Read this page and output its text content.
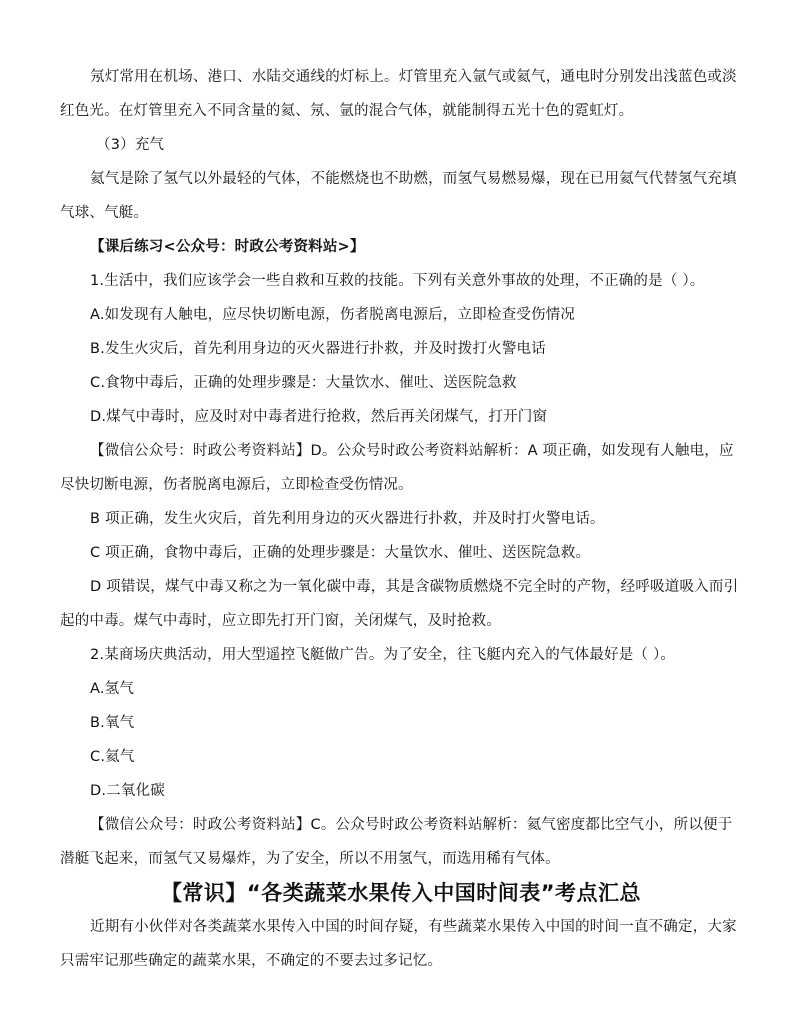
氖灯常用在机场、港口、水陆交通线的灯标上。灯管里充入氩气或氦气，通电时分别发出浅蓝色或淡红色光。在灯管里充入不同含量的氦、氖、氩的混合气体，就能制得五光十色的霓虹灯。

（3）充气

氦气是除了氢气以外最轻的气体，不能燃烧也不助燃，而氢气易燃易爆，现在已用氦气代替氢气充填气球、气艇。

【课后练习<公众号：时政公考资料站>】

1.生活中，我们应该学会一些自救和互救的技能。下列有关意外事故的处理，不正确的是（ ）。

A.如发现有人触电，应尽快切断电源，伤者脱离电源后，立即检查受伤情况

B.发生火灾后，首先利用身边的灭火器进行扑救，并及时拨打火警电话

C.食物中毒后，正确的处理步骤是：大量饮水、催吐、送医院急救

D.煤气中毒时，应及时对中毒者进行抢救，然后再关闭煤气，打开门窗

【微信公众号：时政公考资料站】D。公众号时政公考资料站解析：A 项正确，如发现有人触电，应尽快切断电源，伤者脱离电源后，立即检查受伤情况。

B 项正确，发生火灾后，首先利用身边的灭火器进行扑救，并及时打火警电话。

C 项正确，食物中毒后，正确的处理步骤是：大量饮水、催吐、送医院急救。

D 项错误，煤气中毒又称之为一氧化碳中毒，其是含碳物质燃烧不完全时的产物，经呼吸道吸入而引起的中毒。煤气中毒时，应立即先打开门窗，关闭煤气，及时抢救。

2.某商场庆典活动，用大型遥控飞艇做广告。为了安全，往飞艇内充入的气体最好是（ ）。

A.氢气

B.氧气

C.氦气

D.二氧化碳

【微信公众号：时政公考资料站】C。公众号时政公考资料站解析：氦气密度都比空气小，所以便于潜艇飞起来，而氢气又易爆炸，为了安全，所以不用氢气，而选用稀有气体。

【常识】“各类蔬菜水果传入中国时间表”考点汇总

近期有小伙伴对各类蔬菜水果传入中国的时间存疑，有些蔬菜水果传入中国的时间一直不确定，大家只需牢记那些确定的蔬菜水果，不确定的不要去过多记忆。
